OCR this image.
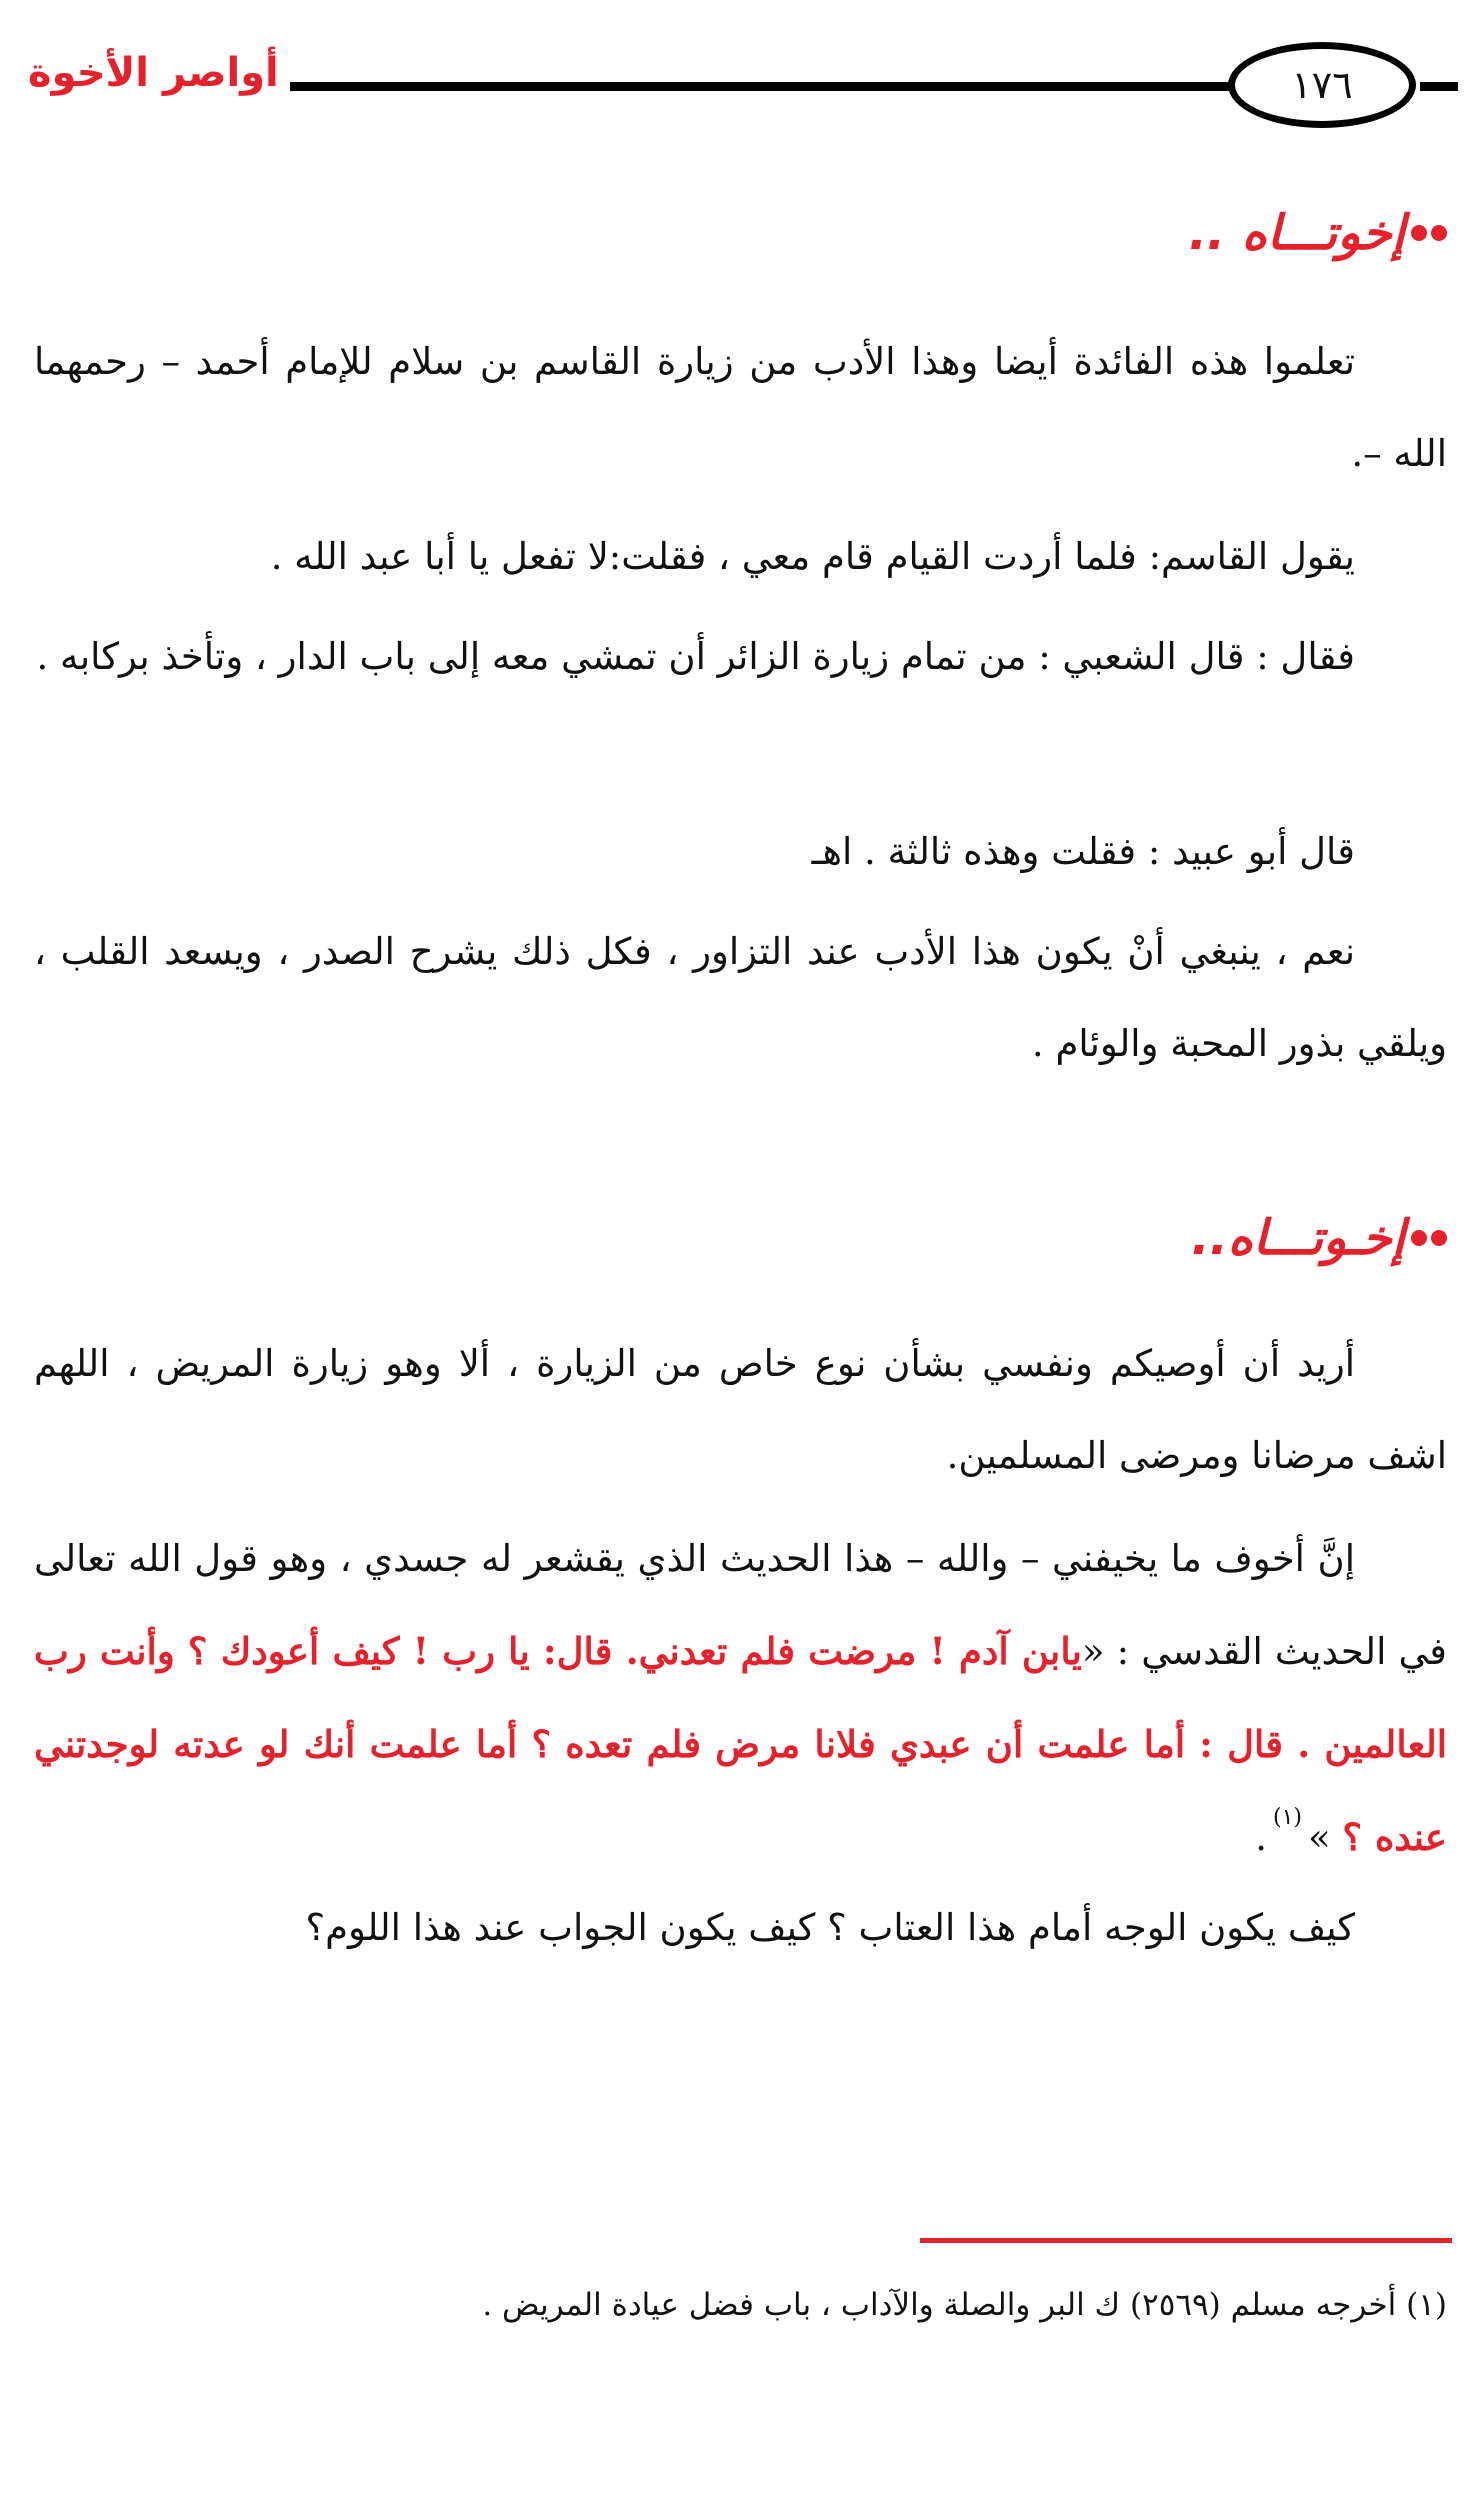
أواصر الأخوة	١٧٦
إخوتـــاه ..

تعلموا هذه الفائدة أيضا وهذا الأدب من زيارة القاسم بن سلام للإمام أحمد – رحمهما الله –.

يقول القاسم: فلما أردت القيام قام معي ، فقلت:لا تفعل يا أبا عبد الله .

فقال : قال الشعبي : من تمام زيارة الزائر أن تمشي معه إلى باب الدار ، وتأخذ بركابه .

قال أبو عبيد : فقلت وهذه ثالثة . اهـ

نعم ، ينبغي أنْ يكون هذا الأدب عند التزاور ، فكل ذلك يشرح الصدر ، ويسعد القلب ، ويلقي بذور المحبة والوئام .

إخـوتـــاه..

أريد أن أوصيكم ونفسي بشأن نوع خاص من الزيارة ، ألا وهو زيارة المريض ، اللهم اشف مرضانا ومرضى المسلمين.

إنَّ أخوف ما يخيفني – والله – هذا الحديث الذي يقشعر له جسدي ، وهو قول الله تعالى في الحديث القدسي : «يابن آدم ! مرضت فلم تعدني. قال: يا رب ! كيف أعودك ؟ وأنت رب العالمين . قال : أما علمت أن عبدي فلانا مرض فلم تعده ؟ أما علمت أنك لو عدته لوجدتني عنده ؟ »$^{(١)}$.

كيف يكون الوجه أمام هذا العتاب ؟ كيف يكون الجواب عند هذا اللوم؟

(١) أخرجه مسلم (٢٥٦٩) ك البر والصلة والآداب ، باب فضل عيادة المريض .
